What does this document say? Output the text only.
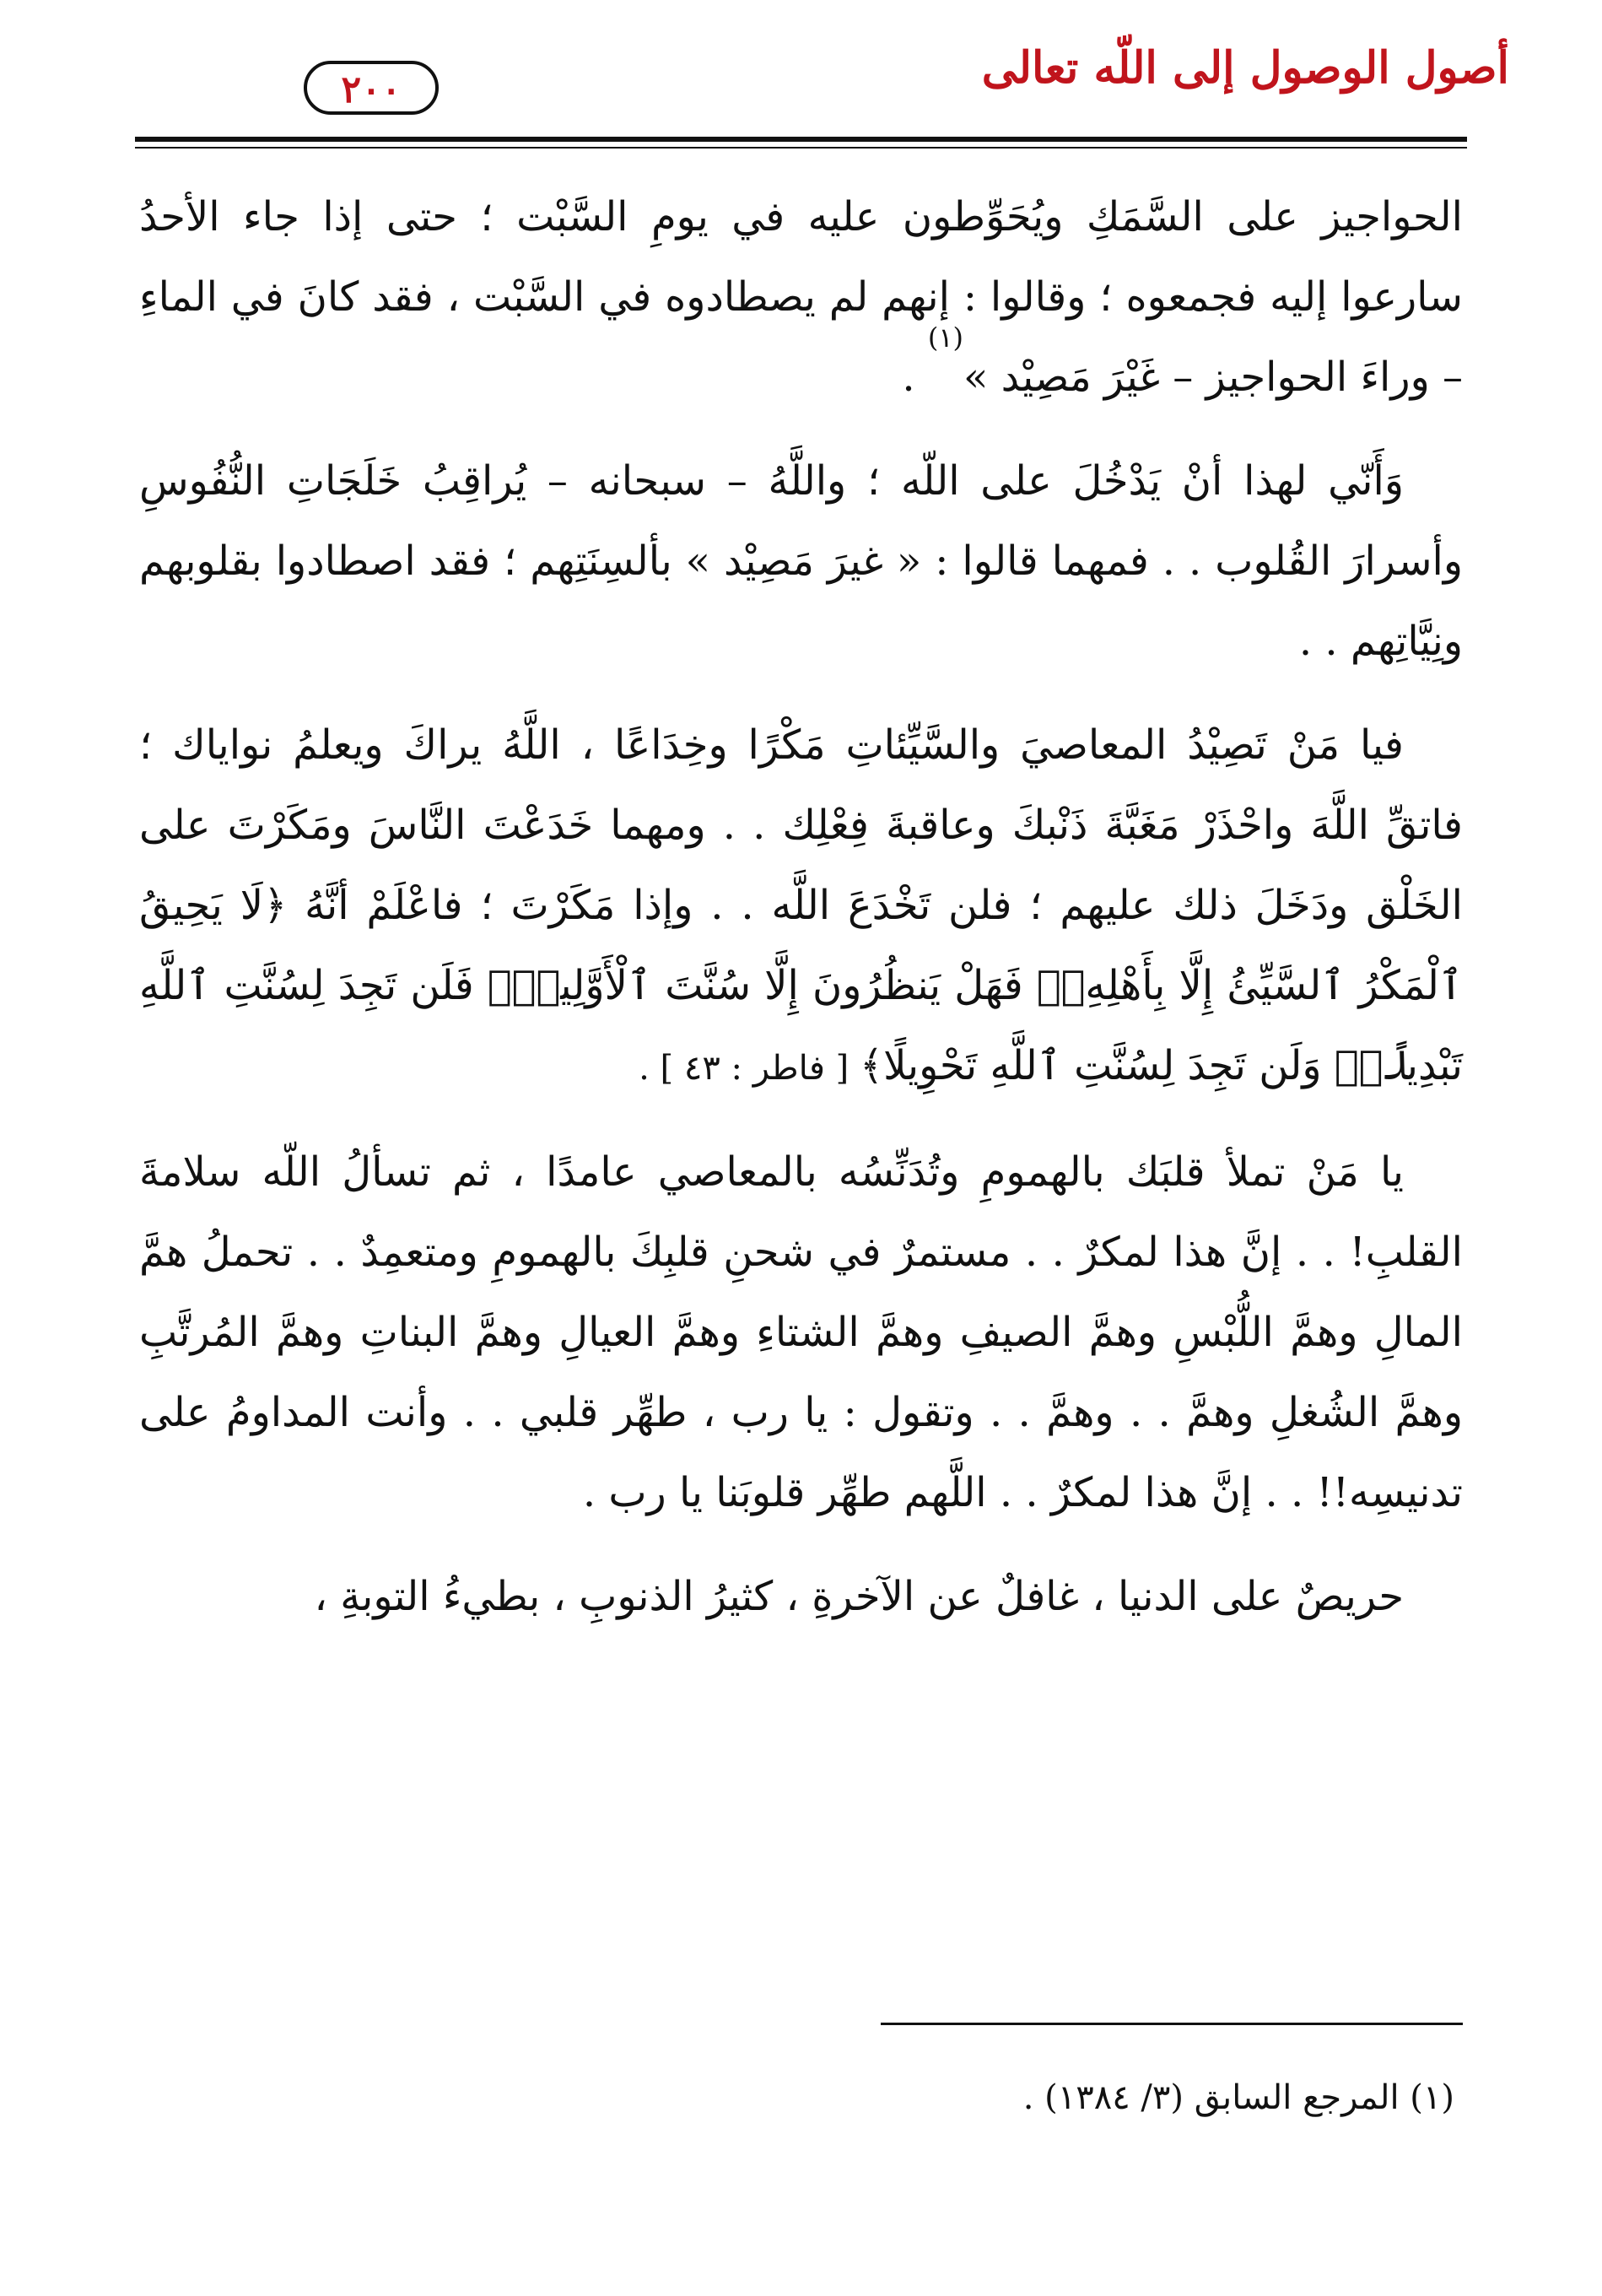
أصول الوصول إلى اللّه تعالى
٢٠٠

الحواجيز على السَّمَكِ ويُحَوِّطون عليه في يومِ السَّبْت ؛ حتى إذا جاء الأحدُ سارعوا إليه فجمعوه ؛ وقالوا : إنهم لم يصطادوه في السَّبْت ، فقد كانَ في الماءِ – وراءَ الحواجيز – غَيْرَ مَصِيْد »$^{(١)}$ .

وَأَنّي لهذا أنْ يَدْخُلَ على اللّه ؛ واللَّهُ – سبحانه – يُراقِبُ خَلَجَاتِ النُّفُوسِ وأسرارَ القُلوب . . فمهما قالوا : « غيرَ مَصِيْد » بألسِنَتِهم ؛ فقد اصطادوا بقلوبهم ونِيَّاتِهم . .

فيا مَنْ تَصِيْدُ المعاصيَ والسَّيِّئاتِ مَكْرًا وخِدَاعًا ، اللَّهُ يراكَ ويعلمُ نواياك ؛ فاتقِّ اللَّهَ واحْذَرْ مَغَبَّةَ ذَنْبكَ وعاقبةَ فِعْلِك . . ومهما خَدَعْتَ النَّاسَ ومَكَرْتَ على الخَلْق ودَخَلَ ذلك عليهم ؛ فلن تَخْدَعَ اللَّه . . وإذا مَكَرْتَ ؛ فاعْلَمْ أنَّهُ ﴿لَا يَحِيقُ ٱلْمَكْرُ ٱلسَّيِّئُ إِلَّا بِأَهْلِهِۦۚ فَهَلْ يَنظُرُونَ إِلَّا سُنَّتَ ٱلْأَوَّلِينَۚ فَلَن تَجِدَ لِسُنَّتِ ٱللَّهِ تَبْدِيلًاۖ وَلَن تَجِدَ لِسُنَّتِ ٱللَّهِ تَحْوِيلًا﴾ [ فاطر : ٤٣ ] .

يا مَنْ تملأ قلبَك بالهمومِ وتُدَنِّسُه بالمعاصي عامدًا ، ثم تسألُ اللّه سلامةَ القلبِ! . . إنَّ هذا لمكرٌ . . مستمرٌ في شحنِ قلبِكَ بالهمومِ ومتعمِدٌ . . تحملُ همَّ المالِ وهمَّ اللُّبْسِ وهمَّ الصيفِ وهمَّ الشتاءِ وهمَّ العيالِ وهمَّ البناتِ وهمَّ المُرتَّبِ وهمَّ الشُغلِ وهمَّ . . وهمَّ . . وتقول : يا رب ، طهِّر قلبي . . وأنت المداومُ على تدنيسِه!! . . إنَّ هذا لمكرٌ . . اللَّهم طهِّر قلوبَنا يا رب .

حريصٌ على الدنيا ، غافلٌ عن الآخرةِ ، كثيرُ الذنوبِ ، بطيءُ التوبةِ ،

(١) المرجع السابق (٣/ ١٣٨٤) .
